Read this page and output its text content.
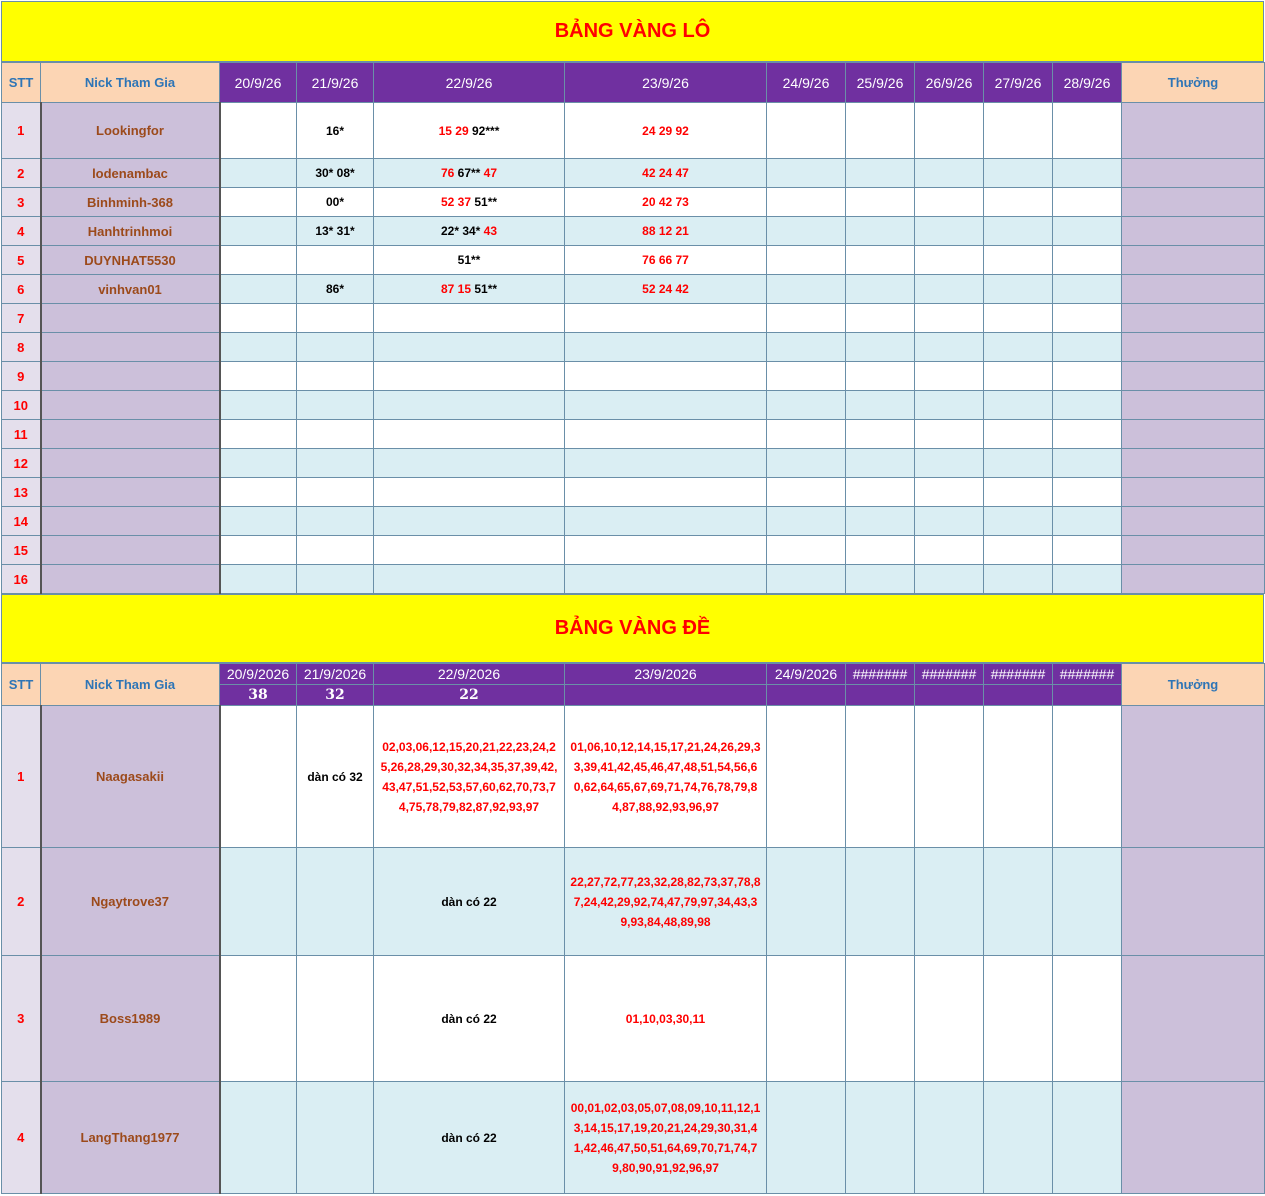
BẢNG VÀNG LÔ
STT	Nick Tham Gia	20/9/26	21/9/26	22/9/26	23/9/26	24/9/26	25/9/26	26/9/26	27/9/26	28/9/26	Thưởng
1	Lookingfor		16*	15 29 92***	24 29 92						
2	lodenambac		30* 08*	76 67** 47	42 24 47						
3	Binhminh-368		00*	52 37 51**	20 42 73						
4	Hanhtrinhmoi		13* 31*	22* 34* 43	88 12 21						
5	DUYNHAT5530			51**	76 66 77						
6	vinhvan01		86*	87 15 51**	52 24 42						
7											
8											
9											
10											
11											
12											
13											
14											
15											
16											
BẢNG VÀNG ĐỀ
STT	Nick Tham Gia	20/9/2026	21/9/2026	22/9/2026	23/9/2026	24/9/2026	#######	#######	#######	#######	Thưởng
		38	32	22							
1	Naagasakii		dàn có 32	02,03,06,12,15,20,21,22,23,24,25,26,28,29,30,32,34,35,37,39,42,43,47,51,52,53,57,60,62,70,73,74,75,78,79,82,87,92,93,97	01,06,10,12,14,15,17,21,24,26,29,33,39,41,42,45,46,47,48,51,54,56,60,62,64,65,67,69,71,74,76,78,79,84,87,88,92,93,96,97						
2	Ngaytrove37			dàn có 22	22,27,72,77,23,32,28,82,73,37,78,87,24,42,29,92,74,47,79,97,34,43,39,93,84,48,89,98						
3	Boss1989			dàn có 22	01,10,03,30,11						
4	LangThang1977			dàn có 22	00,01,02,03,05,07,08,09,10,11,12,13,14,15,17,19,20,21,24,29,30,31,41,42,46,47,50,51,64,69,70,71,74,79,80,90,91,92,96,97						
